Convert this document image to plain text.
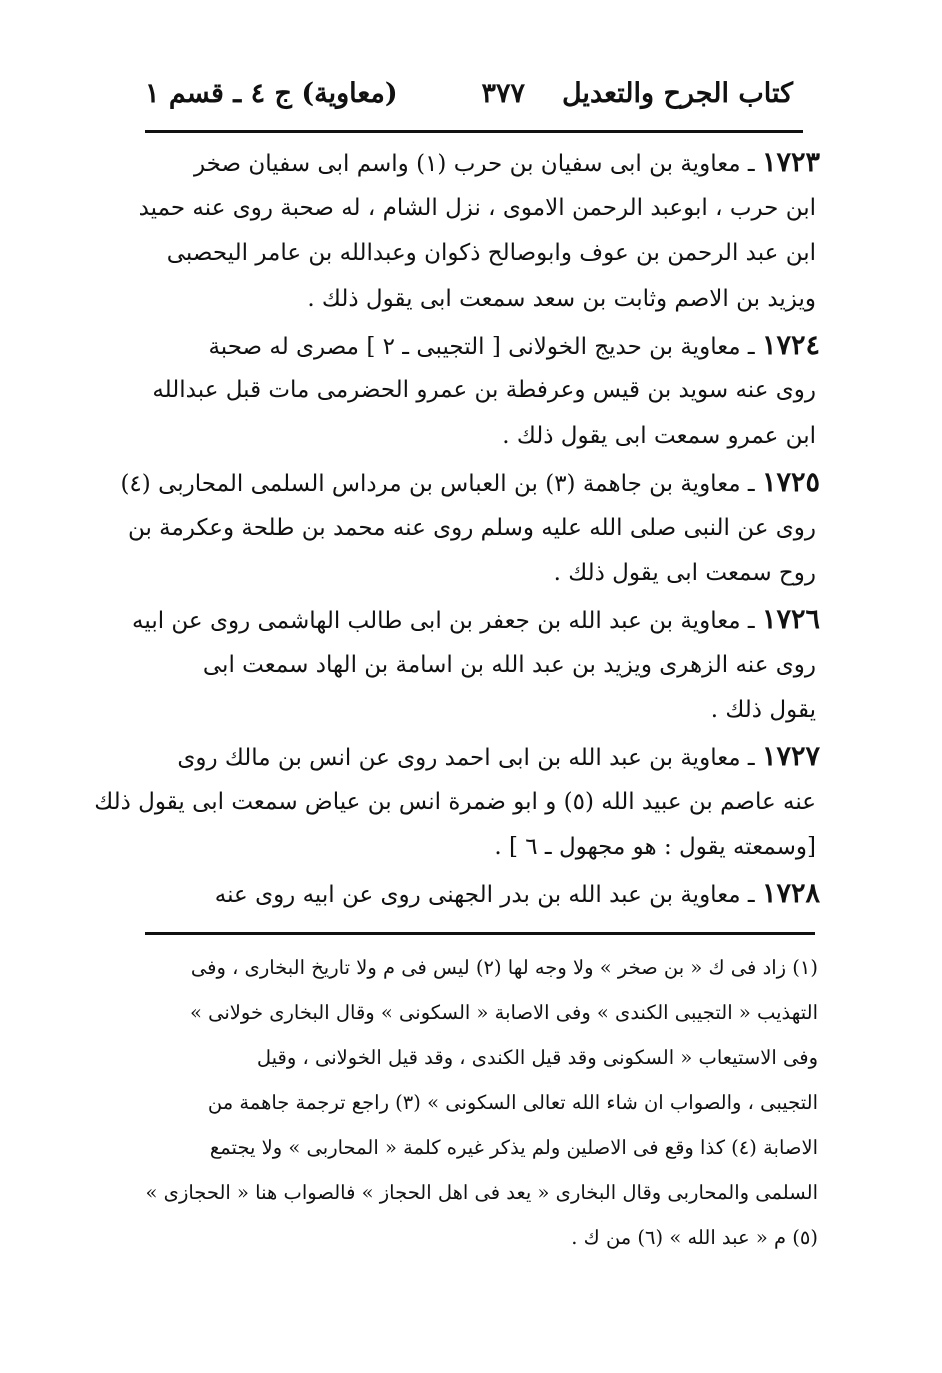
كتاب الجرح والتعديل
٣٧٧
(معاوية) ج ٤ ـ قسم ١
١٧٢٣ ـ معاوية بن ابى سفيان بن حرب (١) واسم ابى سفيان صخر
ابن حرب ، ابوعبد الرحمن الاموى ، نزل الشام ، له صحبة روى عنه حميد
ابن عبد الرحمن بن عوف وابوصالح ذكوان وعبدالله بن عامر اليحصبى
ويزيد بن الاصم وثابت بن سعد سمعت ابى يقول ذلك .
١٧٢٤ ـ معاوية بن حديج الخولانى [ التجيبى ـ ٢ ] مصرى له صحبة
روى عنه سويد بن قيس وعرفطة بن عمرو الحضرمى مات قبل عبدالله
ابن عمرو سمعت ابى يقول ذلك .
١٧٢٥ ـ معاوية بن جاهمة (٣) بن العباس بن مرداس السلمى المحاربى (٤)
روى عن النبى صلى الله عليه وسلم روى عنه محمد بن طلحة وعكرمة بن
روح سمعت ابى يقول ذلك .
١٧٢٦ ـ معاوية بن عبد الله بن جعفر بن ابى طالب الهاشمى روى عن ابيه
روى عنه الزهرى ويزيد بن عبد الله بن اسامة بن الهاد سمعت ابى
يقول ذلك .
١٧٢٧ ـ معاوية بن عبد الله بن ابى احمد روى عن انس بن مالك روى
عنه عاصم بن عبيد الله (٥) و ابو ضمرة انس بن عياض سمعت ابى يقول ذلك
[وسمعته يقول : هو مجهول ـ ٦ ] .
١٧٢٨ ـ معاوية بن عبد الله بن بدر الجهنى روى عن ابيه روى عنه
(١) زاد فى ك « بن صخر » ولا وجه لها (٢) ليس فى م ولا تاريخ البخارى ، وفى
التهذيب « التجيبى الكندى » وفى الاصابة « السكونى » وقال البخارى خولانى »
وفى الاستيعاب « السكونى وقد قيل الكندى ، وقد قيل الخولانى ، وقيل
التجيبى ، والصواب ان شاء الله تعالى السكونى » (٣) راجع ترجمة جاهمة من
الاصابة (٤) كذا وقع فى الاصلين ولم يذكر غيره كلمة « المحاربى » ولا يجتمع
السلمى والمحاربى وقال البخارى « يعد فى اهل الحجاز » فالصواب هنا « الحجازى »
(٥) م « عبد الله » (٦) من ك .
